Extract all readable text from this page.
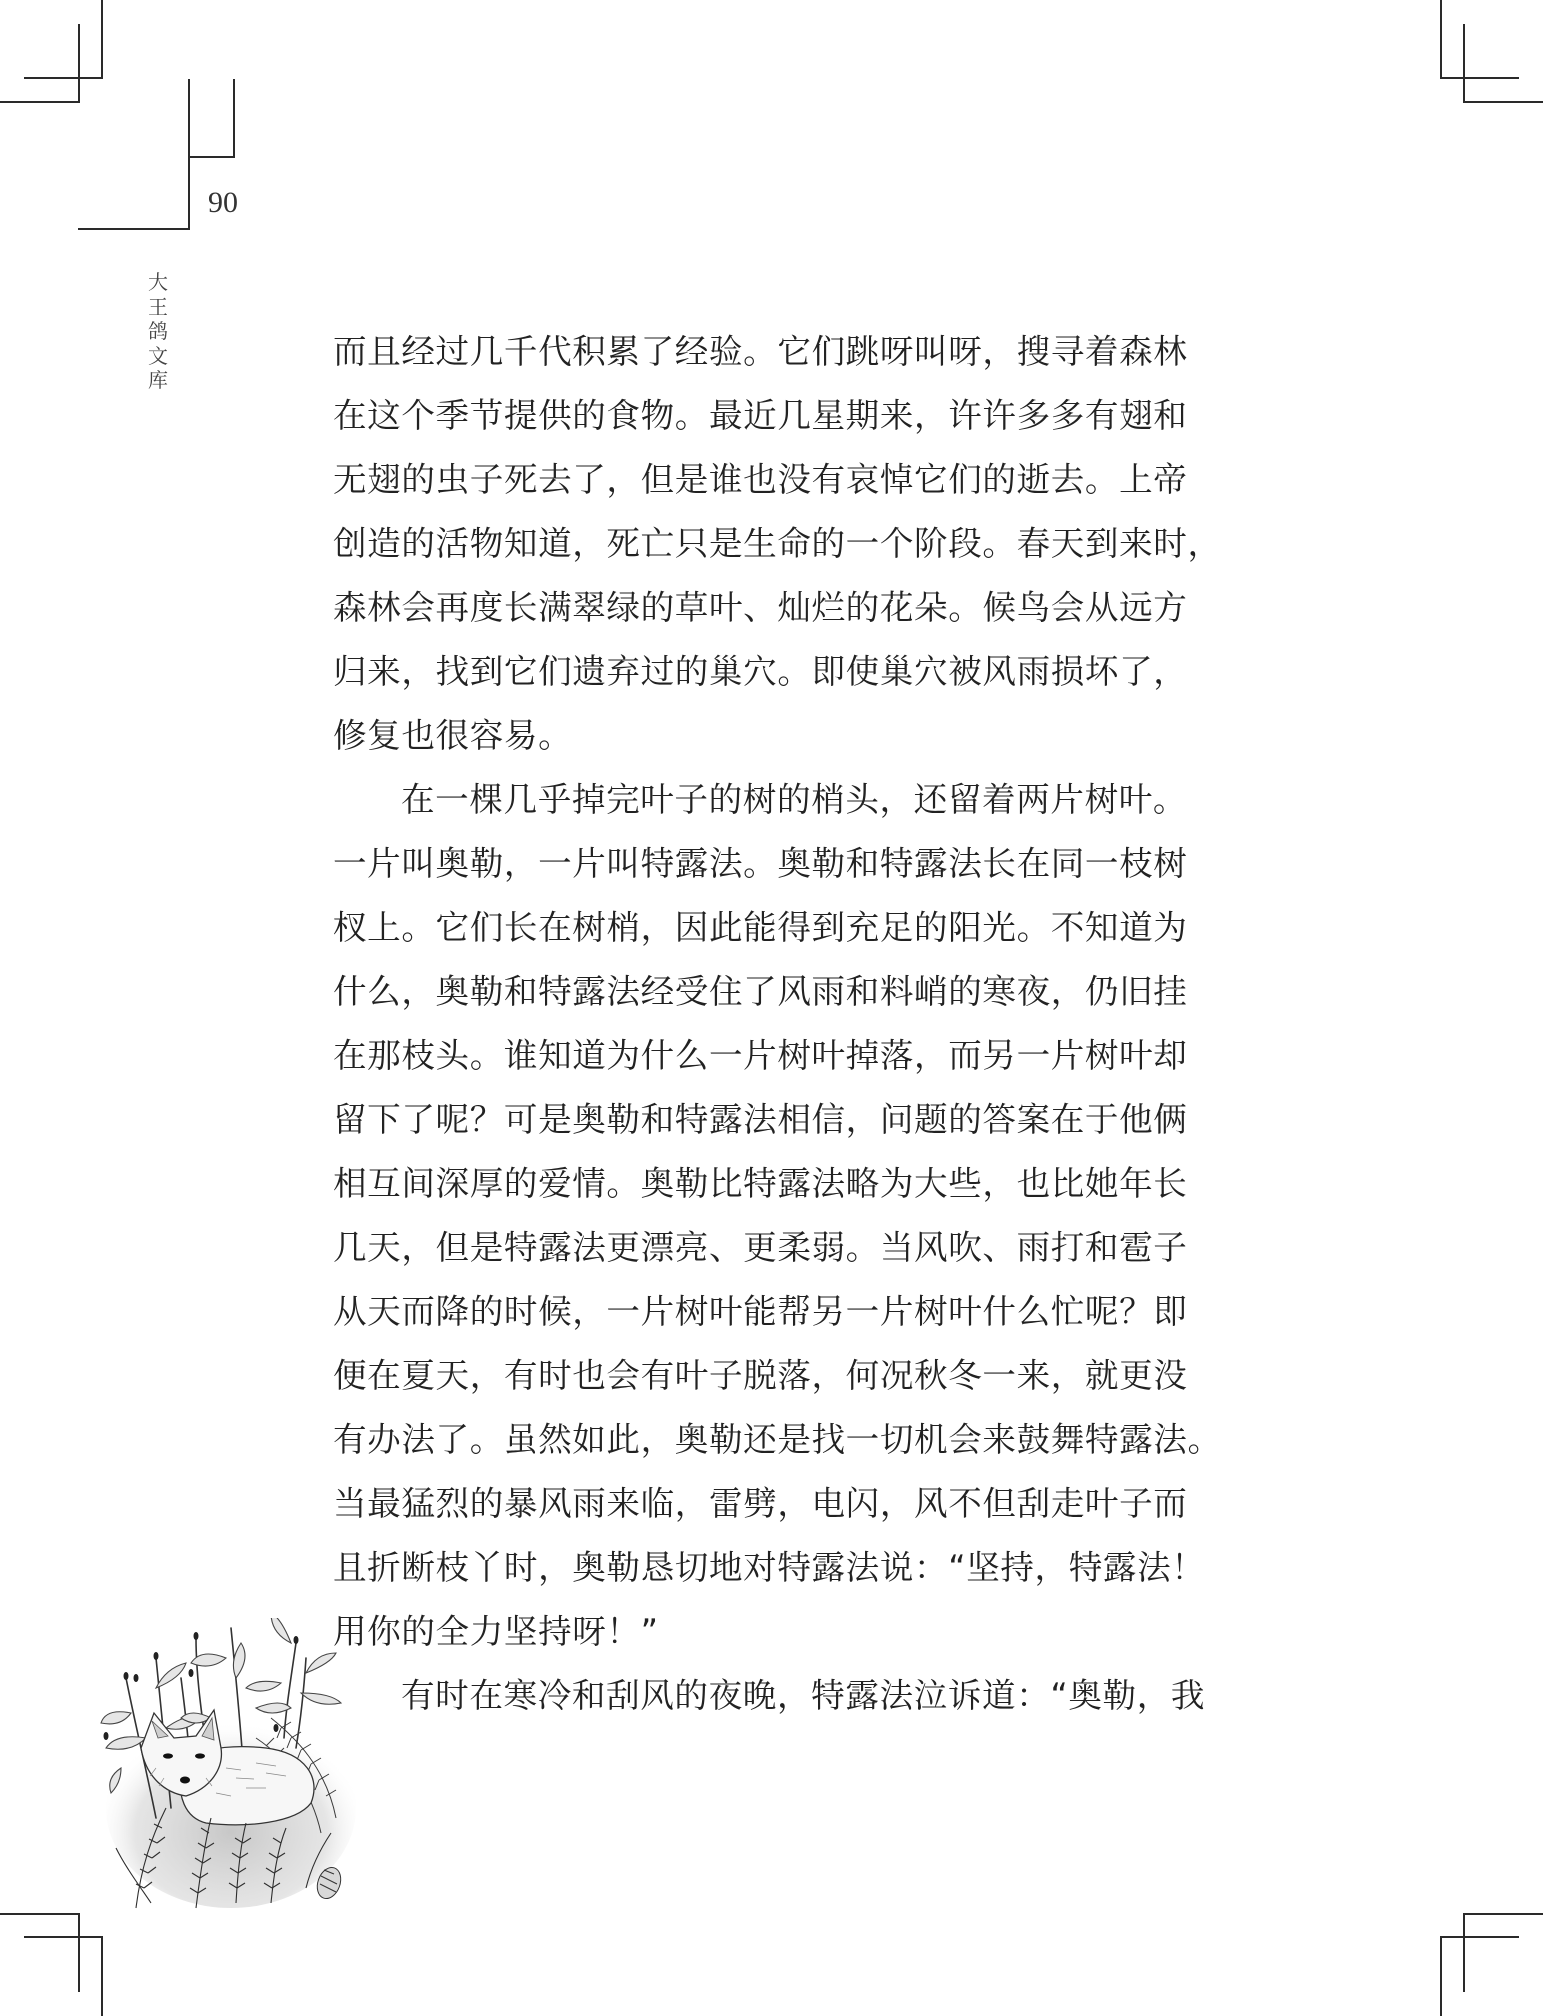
90
大
王
鸽
文
库
而且经过几千代积累了经验。它们跳呀叫呀，搜寻着森林
在这个季节提供的食物。最近几星期来，许许多多有翅和
无翅的虫子死去了，但是谁也没有哀悼它们的逝去。上帝
创造的活物知道，死亡只是生命的一个阶段。春天到来时，
森林会再度长满翠绿的草叶、灿烂的花朵。候鸟会从远方
归来，找到它们遗弃过的巢穴。即使巢穴被风雨损坏了，
修复也很容易。
在一棵几乎掉完叶子的树的梢头，还留着两片树叶。
一片叫奥勒，一片叫特露法。奥勒和特露法长在同一枝树
杈上。它们长在树梢，因此能得到充足的阳光。不知道为
什么，奥勒和特露法经受住了风雨和料峭的寒夜，仍旧挂
在那枝头。谁知道为什么一片树叶掉落，而另一片树叶却
留下了呢？可是奥勒和特露法相信，问题的答案在于他俩
相互间深厚的爱情。奥勒比特露法略为大些，也比她年长
几天，但是特露法更漂亮、更柔弱。当风吹、雨打和雹子
从天而降的时候，一片树叶能帮另一片树叶什么忙呢？即
便在夏天，有时也会有叶子脱落，何况秋冬一来，就更没
有办法了。虽然如此，奥勒还是找一切机会来鼓舞特露法。
当最猛烈的暴风雨来临，雷劈，电闪，风不但刮走叶子而
且折断枝丫时，奥勒恳切地对特露法说：“坚持，特露法！
用你的全力坚持呀！”
有时在寒冷和刮风的夜晚，特露法泣诉道：“奥勒，我
